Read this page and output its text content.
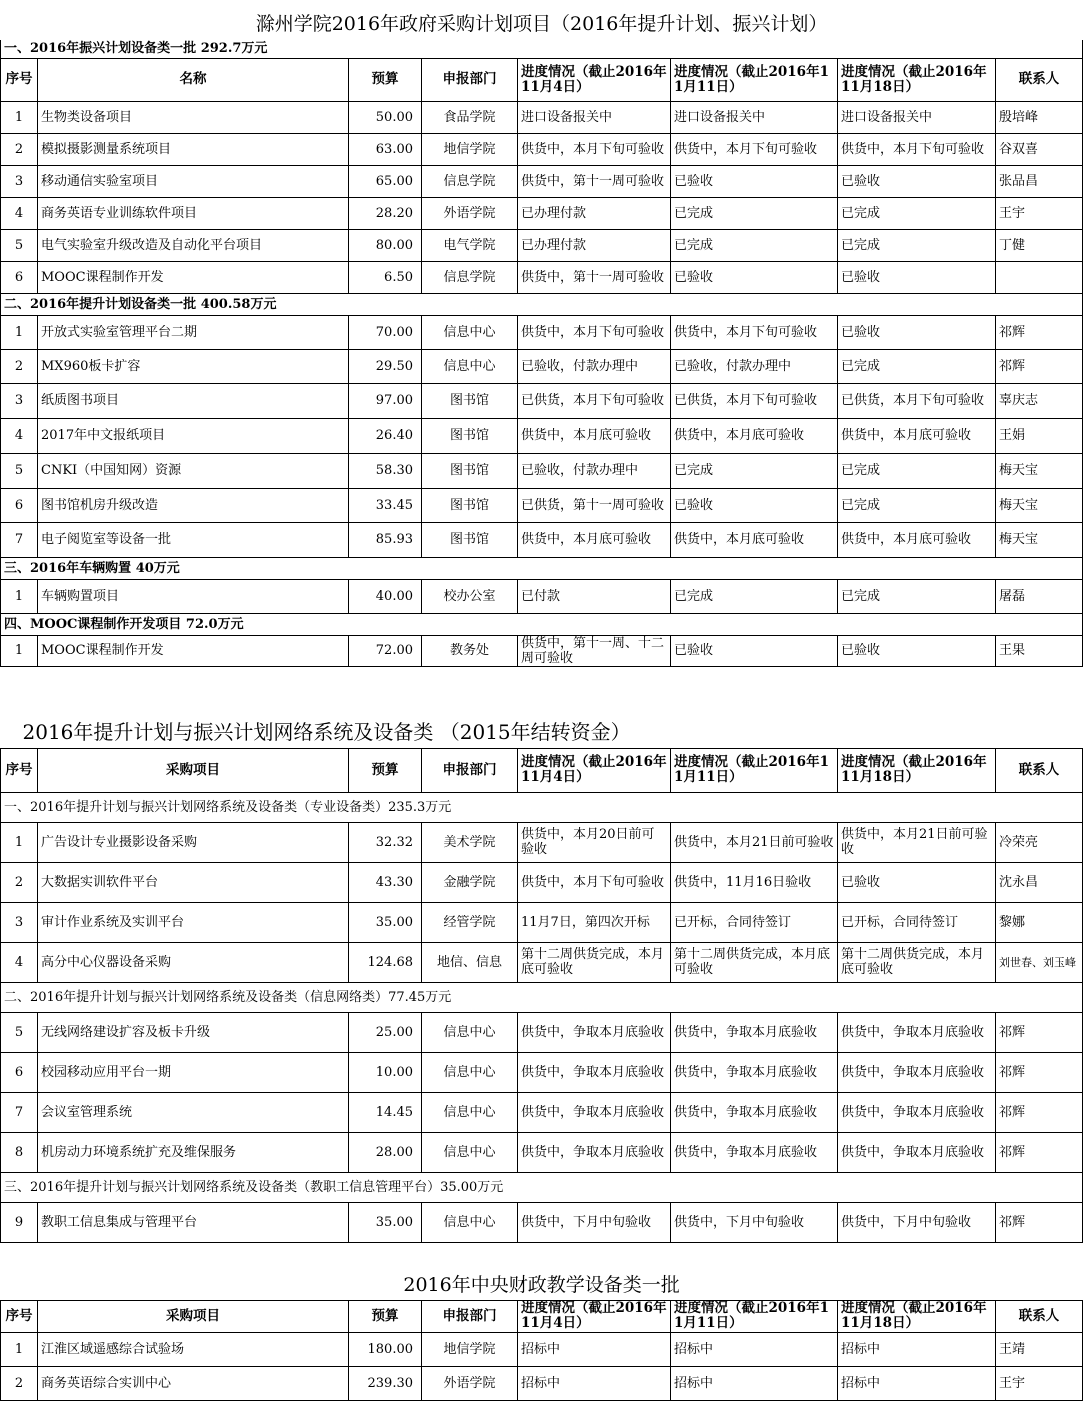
滁州学院2016年政府采购计划项目（2016年提升计划、振兴计划）							
一、2016年振兴计划设备类一批 292.7万元							
序号	名称	预算	申报部门	进度情况（截止2016年11月4日）	进度情况（截止2016年11月11日）	进度情况（截止2016年11月18日）	联系人

1	生物类设备项目	50.00	食品学院	进口设备报关中	进口设备报关中	进口设备报关中	殷培峰

2	模拟摄影测量系统项目	63.00	地信学院	供货中，本月下旬可验收	供货中，本月下旬可验收	供货中，本月下旬可验收	谷双喜

3	移动通信实验室项目	65.00	信息学院	供货中，第十一周可验收	已验收	已验收	张品昌

4	商务英语专业训练软件项目	28.20	外语学院	已办理付款	已完成	已完成	王宇

5	电气实验室升级改造及自动化平台项目	80.00	电气学院	已办理付款	已完成	已完成	丁健

6	MOOC课程制作开发	6.50	信息学院	供货中，第十一周可验收	已验收	已验收	

二、2016年提升计划设备类一批 400.58万元							

1	开放式实验室管理平台二期	70.00	信息中心	供货中，本月下旬可验收	供货中，本月下旬可验收	已验收	祁辉

2	MX960板卡扩容	29.50	信息中心	已验收，付款办理中	已验收，付款办理中	已完成	祁辉

3	纸质图书项目	97.00	图书馆	已供货，本月下旬可验收	已供货，本月下旬可验收	已供货，本月下旬可验收	辜庆志

4	2017年中文报纸项目	26.40	图书馆	供货中，本月底可验收	供货中，本月底可验收	供货中，本月底可验收	王娟

5	CNKI（中国知网）资源	58.30	图书馆	已验收，付款办理中	已完成	已完成	梅天宝

6	图书馆机房升级改造	33.45	图书馆	已供货，第十一周可验收	已验收	已完成	梅天宝

7	电子阅览室等设备一批	85.93	图书馆	供货中，本月底可验收	供货中，本月底可验收	供货中，本月底可验收	梅天宝

三、2016年车辆购置 40万元							

1	车辆购置项目	40.00	校办公室	已付款	已完成	已完成	屠磊

四、MOOC课程制作开发项目 72.0万元							

1	MOOC课程制作开发	72.00	教务处	供货中，第十一周、十二周可验收	已验收	已验收	王果
2016年提升计划与振兴计划网络系统及设备类 （2015年结转资金）							
序号	采购项目	预算	申报部门	进度情况（截止2016年11月4日）	进度情况（截止2016年11月11日）	进度情况（截止2016年11月18日）	联系人
一、2016年提升计划与振兴计划网络系统及设备类（专业设备类）235.3万元							

1	广告设计专业摄影设备采购	32.32	美术学院	供货中，本月20日前可验收	供货中，本月21日前可验收	供货中，本月21日前可验收	冷荣亮

2	大数据实训软件平台	43.30	金融学院	供货中，本月下旬可验收	供货中，11月16日验收	已验收	沈永昌

3	审计作业系统及实训平台	35.00	经管学院	11月7日，第四次开标	已开标，合同待签订	已开标，合同待签订	黎娜

4	高分中心仪器设备采购	124.68	地信、信息	第十二周供货完成，本月底可验收	第十二周供货完成，本月底可验收	第十二周供货完成，本月底可验收	刘世春、刘玉峰

二、2016年提升计划与振兴计划网络系统及设备类（信息网络类）77.45万元							

5	无线网络建设扩容及板卡升级	25.00	信息中心	供货中，争取本月底验收	供货中，争取本月底验收	供货中，争取本月底验收	祁辉

6	校园移动应用平台一期	10.00	信息中心	供货中，争取本月底验收	供货中，争取本月底验收	供货中，争取本月底验收	祁辉

7	会议室管理系统	14.45	信息中心	供货中，争取本月底验收	供货中，争取本月底验收	供货中，争取本月底验收	祁辉

8	机房动力环境系统扩充及维保服务	28.00	信息中心	供货中，争取本月底验收	供货中，争取本月底验收	供货中，争取本月底验收	祁辉

三、2016年提升计划与振兴计划网络系统及设备类（教职工信息管理平台）35.00万元							

9	教职工信息集成与管理平台	35.00	信息中心	供货中，下月中旬验收	供货中，下月中旬验收	供货中，下月中旬验收	祁辉
2016年中央财政教学设备类一批							
序号	采购项目	预算	申报部门	进度情况（截止2016年11月4日）	进度情况（截止2016年11月11日）	进度情况（截止2016年11月18日）	联系人

1	江淮区域遥感综合试验场	180.00	地信学院	招标中	招标中	招标中	王靖

2	商务英语综合实训中心	239.30	外语学院	招标中	招标中	招标中	王宇
